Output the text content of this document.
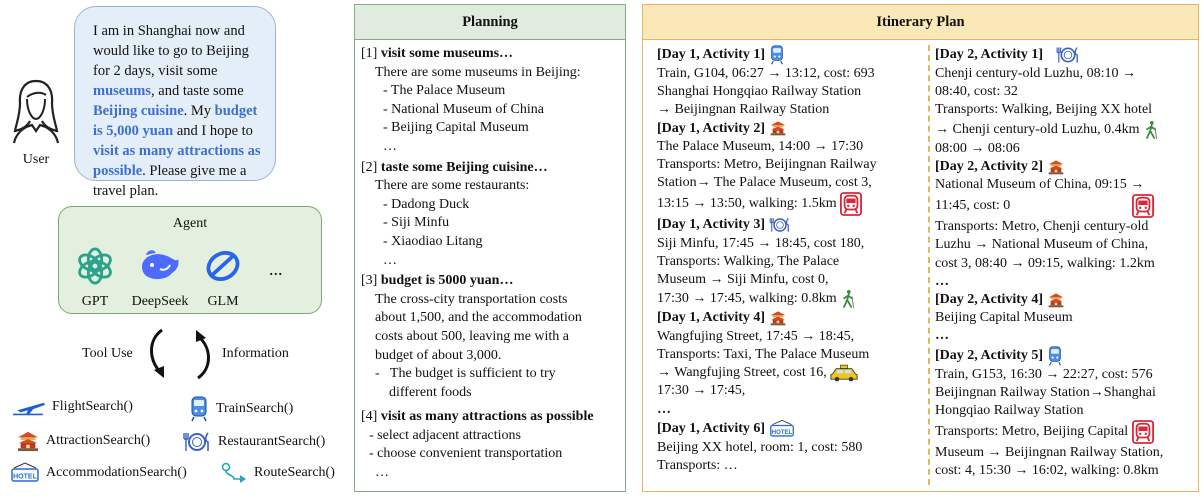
User
I am in Shanghai now and would like to go to Beijing for 2 days, visit some museums, and taste some Beijing cuisine. My budget is 5,000 yuan and I hope to visit as many attractions as possible. Please give me a travel plan.
Agent
GPT	DeepSeek	GLM
...
Tool Use	Information
FlightSearch()	TrainSearch()
AttractionSearch()	RestaurantSearch()
AccommodationSearch()	RouteSearch()
Planning
[1] visit some museums…
There are some museums in Beijing:
- The Palace Museum
- National Museum of China
- Beijing Capital Museum
…
[2] taste some Beijing cuisine…
There are some restaurants:
- Dadong Duck
- Siji Minfu
- Xiaodiao Litang
…
[3] budget is 5000 yuan…
The cross-city transportation costs
about 1,500, and the accommodation
costs about 500, leaving me with a
budget of about 3,000.
-   The budget is sufficient to try
different foods
[4] visit as many attractions as possible
- select adjacent attractions
- choose convenient transportation
…
Itinerary Plan
[Day 1, Activity 1]
Train, G104, 06:27 → 13:12, cost: 693
Shanghai Hongqiao Railway Station
→ Beijingnan Railway Station
[Day 1, Activity 2]
The Palace Museum, 14:00 → 17:30
Transports: Metro, Beijingnan Railway
Station→ The Palace Museum, cost 3,
13:15 → 13:50, walking: 1.5km
[Day 1, Activity 3]
Siji Minfu, 17:45 → 18:45, cost 180,
Transports: Walking, The Palace
Museum → Siji Minfu, cost 0,
17:30 → 17:45, walking: 0.8km
[Day 1, Activity 4]
Wangfujing Street, 17:45 → 18:45,
Transports: Taxi, The Palace Museum
→ Wangfujing Street, cost 16,
17:30 → 17:45,
…
[Day 1, Activity 6]
Beijing XX hotel, room: 1, cost: 580
Transports: …
[Day 2, Activity 1]
Chenji century-old Luzhu, 08:10 →
08:40, cost: 32
Transports: Walking, Beijing XX hotel
→ Chenji century-old Luzhu, 0.4km
08:00 → 08:06
[Day 2, Activity 2]
National Museum of China, 09:15 →
11:45, cost: 0
Transports: Metro, Chenji century-old
Luzhu → National Museum of China,
cost 3, 08:40 → 09:15, walking: 1.2km
…
[Day 2, Activity 4]
Beijing Capital Museum
…
[Day 2, Activity 5]
Train, G153, 16:30 → 22:27, cost: 576
Beijingnan Railway Station→Shanghai
Hongqiao Railway Station
Transports: Metro, Beijing Capital
Museum → Beijingnan Railway Station,
cost: 4, 15:30 → 16:02, walking: 0.8km
